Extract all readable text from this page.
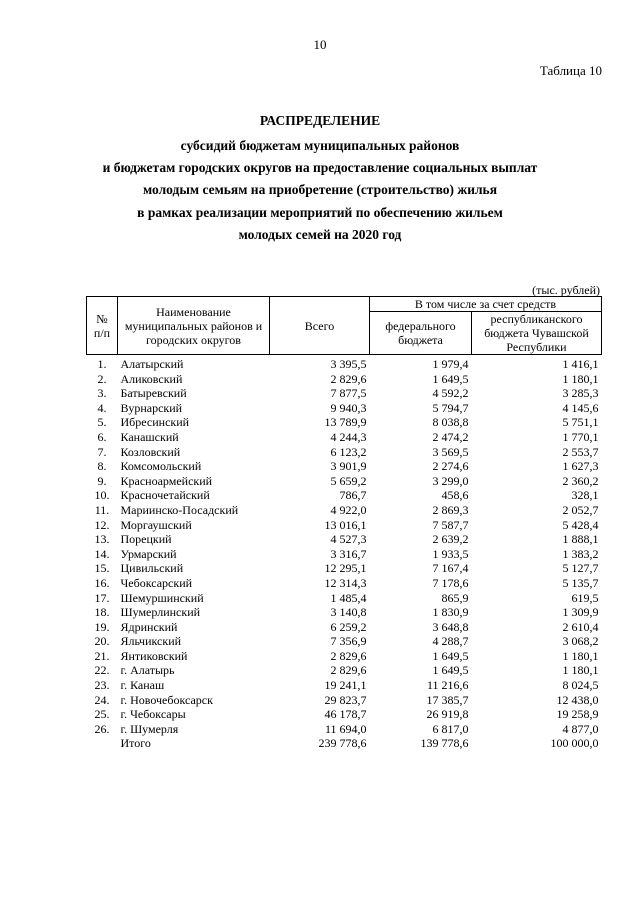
10
Таблица 10
РАСПРЕДЕЛЕНИЕ
субсидий бюджетам муниципальных районов
и бюджетам городских округов на предоставление социальных выплат
молодым семьям на приобретение (строительство) жилья
в рамках реализации мероприятий по обеспечению жильем
молодых семей на 2020 год
(тыс. рублей)
№ п/п	Наименование муниципальных районов и городских округов	Всего	В том числе за счет средств	
			федерального бюджета	республиканского бюджета Чувашской Республики
1.	Алатырский	3 395,5	1 979,4	1 416,1
2.	Аликовский	2 829,6	1 649,5	1 180,1
3.	Батыревский	7 877,5	4 592,2	3 285,3
4.	Вурнарский	9 940,3	5 794,7	4 145,6
5.	Ибресинский	13 789,9	8 038,8	5 751,1
6.	Канашский	4 244,3	2 474,2	1 770,1
7.	Козловский	6 123,2	3 569,5	2 553,7
8.	Комсомольский	3 901,9	2 274,6	1 627,3
9.	Красноармейский	5 659,2	3 299,0	2 360,2
10.	Красночетайский	786,7	458,6	328,1
11.	Мариинско-Посадский	4 922,0	2 869,3	2 052,7
12.	Моргаушский	13 016,1	7 587,7	5 428,4
13.	Порецкий	4 527,3	2 639,2	1 888,1
14.	Урмарский	3 316,7	1 933,5	1 383,2
15.	Цивильский	12 295,1	7 167,4	5 127,7
16.	Чебоксарский	12 314,3	7 178,6	5 135,7
17.	Шемуршинский	1 485,4	865,9	619,5
18.	Шумерлинский	3 140,8	1 830,9	1 309,9
19.	Ядринский	6 259,2	3 648,8	2 610,4
20.	Яльчикский	7 356,9	4 288,7	3 068,2
21.	Янтиковский	2 829,6	1 649,5	1 180,1
22.	г. Алатырь	2 829,6	1 649,5	1 180,1
23.	г. Канаш	19 241,1	11 216,6	8 024,5
24.	г. Новочебоксарск	29 823,7	17 385,7	12 438,0
25.	г. Чебоксары	46 178,7	26 919,8	19 258,9
26.	г. Шумерля	11 694,0	6 817,0	4 877,0
	Итого	239 778,6	139 778,6	100 000,0
